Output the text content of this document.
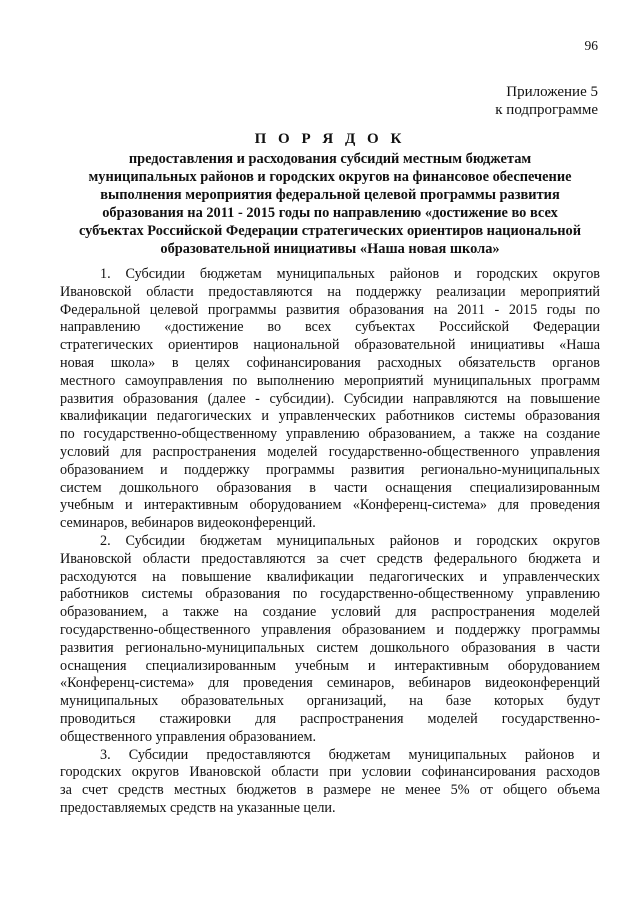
96
Приложение 5
к подпрограмме
П О Р Я Д О К
предоставления и расходования субсидий местным бюджетам
муниципальных районов и городских округов на финансовое обеспечение
выполнения мероприятия федеральной целевой программы развития
образования на 2011 - 2015 годы по направлению «достижение во всех
субъектах Российской Федерации стратегических ориентиров национальной
образовательной инициативы «Наша новая школа»
1. Субсидии бюджетам муниципальных районов и городских округов
Ивановской области предоставляются на поддержку реализации мероприятий
Федеральной целевой программы развития образования на 2011 - 2015 годы по
направлению «достижение во всех субъектах Российской Федерации
стратегических ориентиров национальной образовательной инициативы «Наша
новая школа» в целях софинансирования расходных обязательств органов
местного самоуправления по выполнению мероприятий муниципальных программ
развития образования (далее - субсидии). Субсидии направляются на повышение
квалификации педагогических и управленческих работников системы образования
по государственно-общественному управлению образованием, а также на создание
условий для распространения моделей государственно-общественного управления
образованием и поддержку программы развития регионально-муниципальных
систем дошкольного образования в части оснащения специализированным
учебным и интерактивным оборудованием «Конференц-система» для проведения
семинаров, вебинаров видеоконференций.
2. Субсидии бюджетам муниципальных районов и городских округов
Ивановской области предоставляются за счет средств федерального бюджета и
расходуются на повышение квалификации педагогических и управленческих
работников системы образования по государственно-общественному управлению
образованием, а также на создание условий для распространения моделей
государственно-общественного управления образованием и поддержку программы
развития регионально-муниципальных систем дошкольного образования в части
оснащения специализированным учебным и интерактивным оборудованием
«Конференц-система» для проведения семинаров, вебинаров видеоконференций
муниципальных образовательных организаций, на базе которых будут
проводиться стажировки для распространения моделей государственно-
общественного управления образованием.
3. Субсидии предоставляются бюджетам муниципальных районов и
городских округов Ивановской области при условии софинансирования расходов
за счет средств местных бюджетов в размере не менее 5% от общего объема
предоставляемых средств на указанные цели.
